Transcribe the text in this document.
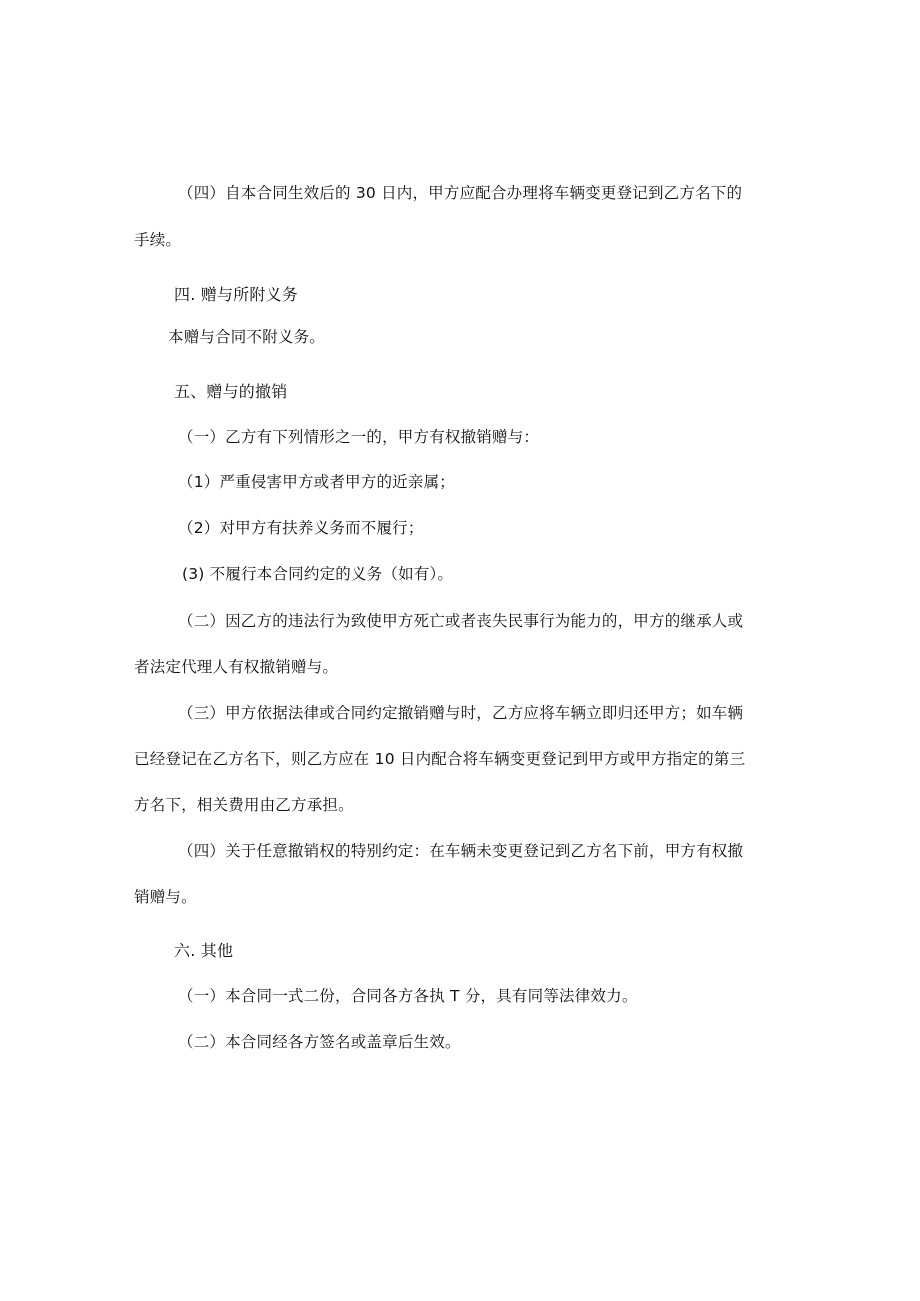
（四）自本合同生效后的 30 日内，甲方应配合办理将车辆变更登记到乙方名下的
手续。
四. 赠与所附义务
本赠与合同不附义务。
五、赠与的撤销
（一）乙方有下列情形之一的，甲方有权撤销赠与：
（1）严重侵害甲方或者甲方的近亲属；
（2）对甲方有扶养义务而不履行；
(3) 不履行本合同约定的义务（如有）。
（二）因乙方的违法行为致使甲方死亡或者丧失民事行为能力的，甲方的继承人或
者法定代理人有权撤销赠与。
（三）甲方依据法律或合同约定撤销赠与时，乙方应将车辆立即归还甲方；如车辆
已经登记在乙方名下，则乙方应在 10 日内配合将车辆变更登记到甲方或甲方指定的第三
方名下，相关费用由乙方承担。
（四）关于任意撤销权的特别约定：在车辆未变更登记到乙方名下前，甲方有权撤
销赠与。
六. 其他
（一）本合同一式二份，合同各方各执 T 分，具有同等法律效力。
（二）本合同经各方签名或盖章后生效。
